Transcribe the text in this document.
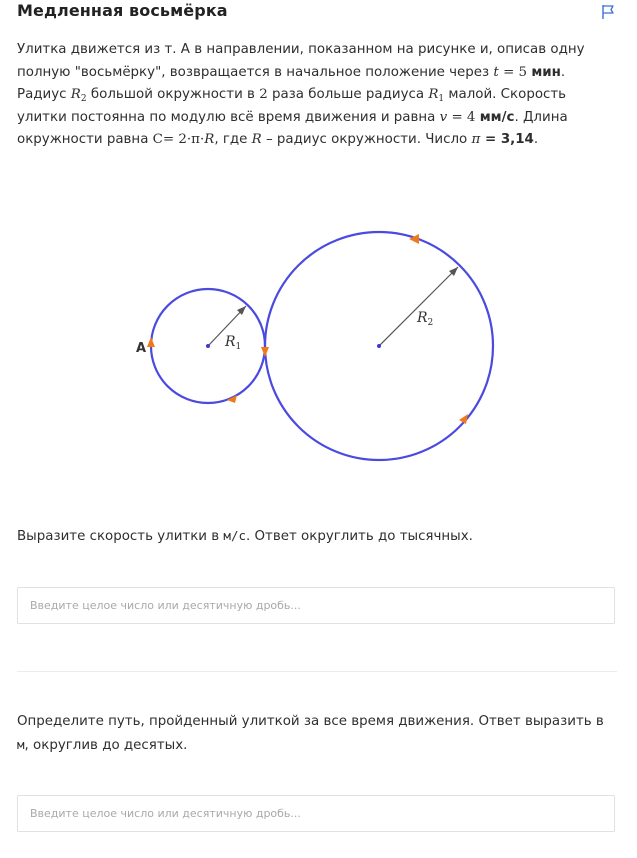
Медленная восьмёрка
Улитка движется из т. A в направлении, показанном на рисунке и, описав одну полную "восьмёрку", возвращается в начальное положение через t = 5 мин. Радиус $R_2$ большой окружности в 2 раза больше радиуса $R_1$ малой. Скорость улитки постоянна по модулю всё время движения и равна v = 4 мм/с. Длина окружности равна C= 2·π·R, где R – радиус окружности. Число π = 3,14.
A	$R_1$
$R_2$
Выразите скорость улитки в м/с. Ответ округлить до тысячных.
Введите целое число или десятичную дробь...
Определите путь, пройденный улиткой за все время движения. Ответ выразить в м, округлив до десятых.
Введите целое число или десятичную дробь...
